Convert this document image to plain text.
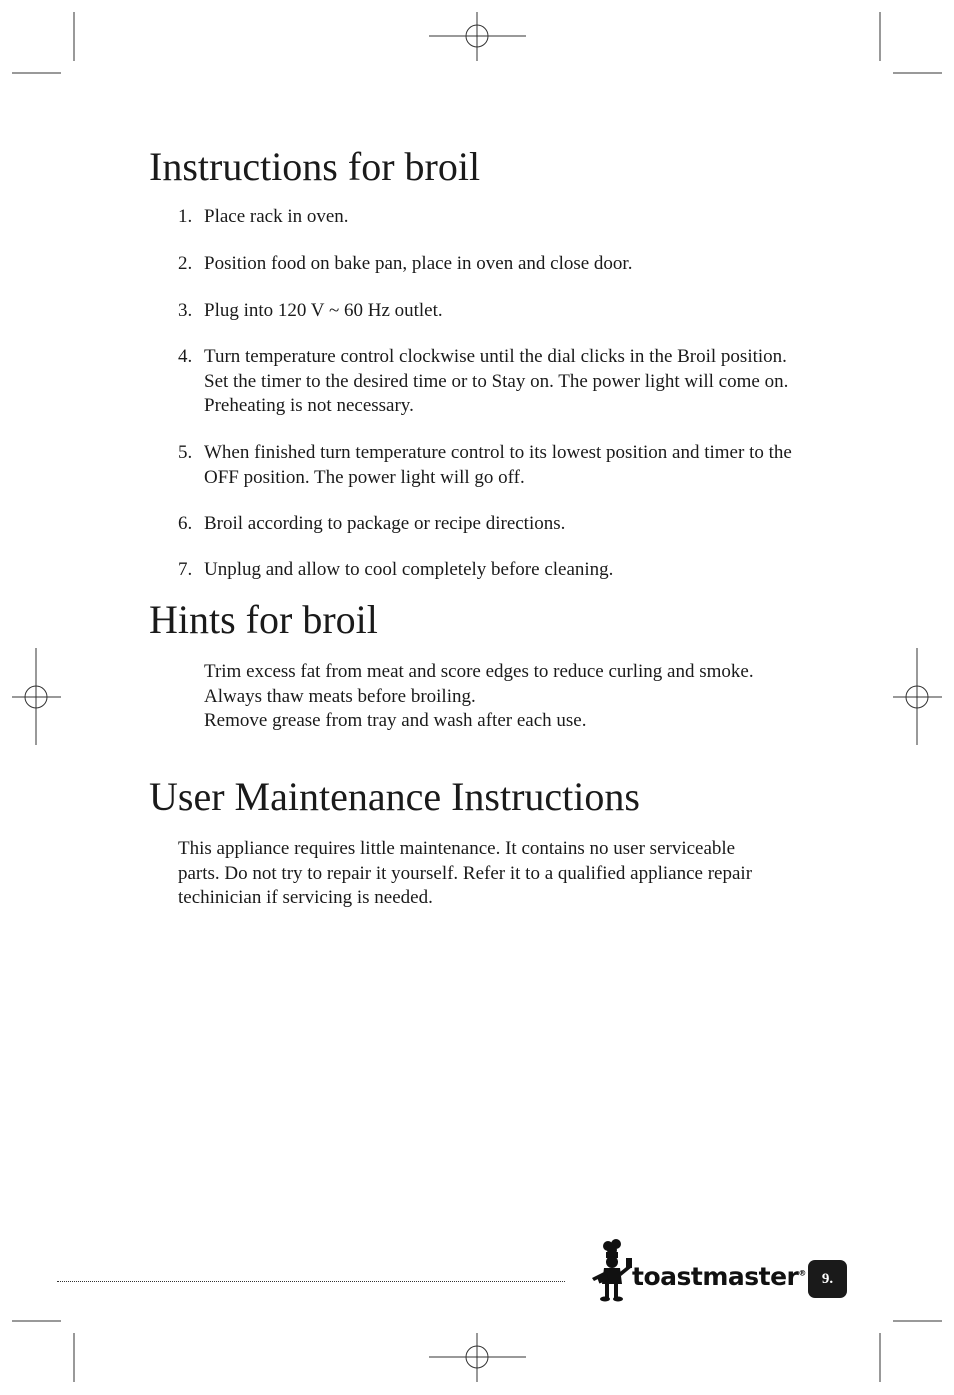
Instructions for broil
1. Place rack in oven.
2. Position food on bake pan, place in oven and close door.
3. Plug into 120 V ~ 60 Hz outlet.
4. Turn temperature control clockwise until the dial clicks in the Broil position. Set the timer to the desired time or to Stay on. The power light will come on. Preheating is not necessary.
5. When finished turn temperature control to its lowest position and timer to the OFF position. The power light will go off.
6. Broil according to package or recipe directions.
7. Unplug and allow to cool completely before cleaning.
Hints for broil

Trim excess fat from meat and score edges to reduce curling and smoke.

Always thaw meats before broiling.

Remove grease from tray and wash after each use.

User Maintenance Instructions

This appliance requires little maintenance. It contains no user serviceable parts. Do not try to repair it yourself. Refer it to a qualified appliance repair techinician if servicing is needed.

toastmaster® 9.
